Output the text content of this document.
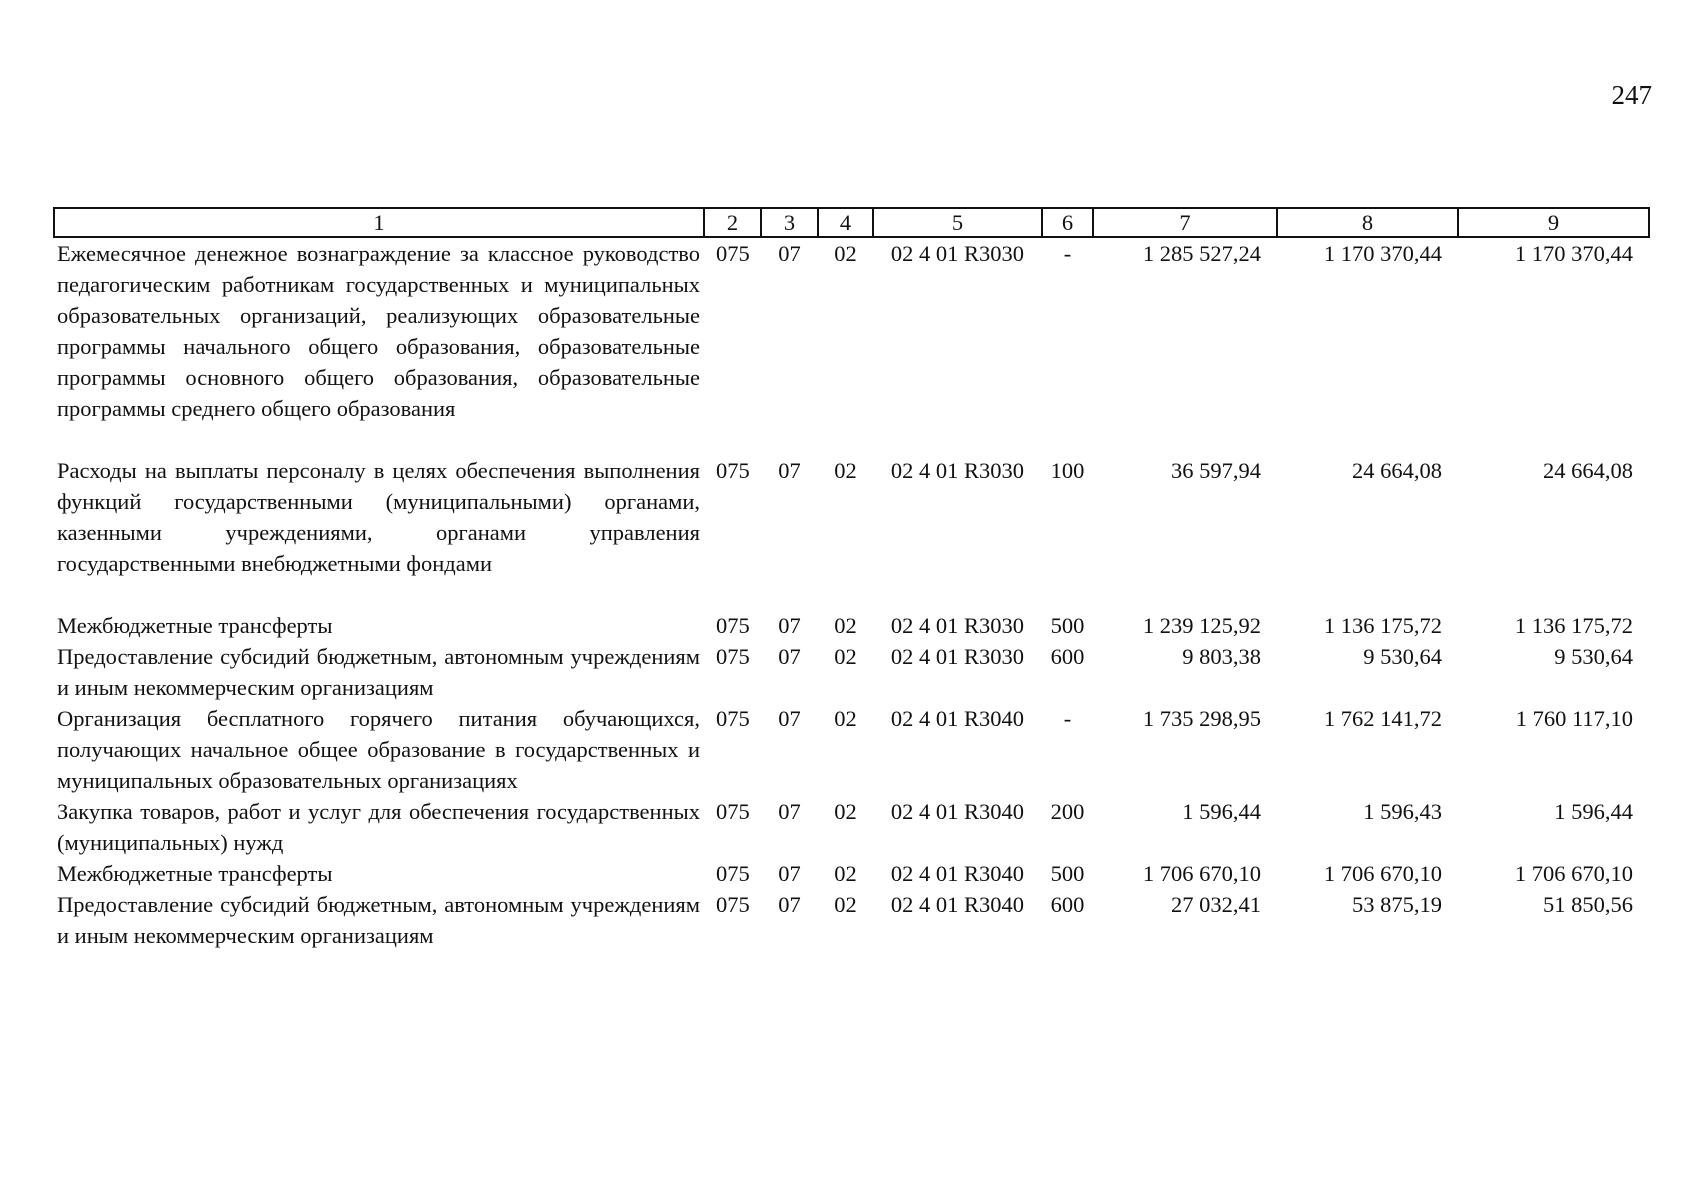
247
1	2	3	4	5	6	7	8	9
Ежемесячное денежное вознаграждение за классное руководство педагогическим работникам государственных и муниципальных образовательных организаций, реализующих образовательные программы начального общего образования, образовательные программы основного общего образования, образовательные программы среднего общего образования	075	07	02	02 4 01 R3030	-	1 285 527,24	1 170 370,44	1 170 370,44
Расходы на выплаты персоналу в целях обеспечения выполнения функций государственными (муниципальными) органами, казенными учреждениями, органами управления государственными внебюджетными фондами	075	07	02	02 4 01 R3030	100	36 597,94	24 664,08	24 664,08
Межбюджетные трансферты	075	07	02	02 4 01 R3030	500	1 239 125,92	1 136 175,72	1 136 175,72
Предоставление субсидий бюджетным, автономным учреждениям и иным некоммерческим организациям	075	07	02	02 4 01 R3030	600	9 803,38	9 530,64	9 530,64
Организация бесплатного горячего питания обучающихся, получающих начальное общее образование в государственных и муниципальных образовательных организациях	075	07	02	02 4 01 R3040	-	1 735 298,95	1 762 141,72	1 760 117,10
Закупка товаров, работ и услуг для обеспечения государственных (муниципальных) нужд	075	07	02	02 4 01 R3040	200	1 596,44	1 596,43	1 596,44
Межбюджетные трансферты	075	07	02	02 4 01 R3040	500	1 706 670,10	1 706 670,10	1 706 670,10
Предоставление субсидий бюджетным, автономным учреждениям и иным некоммерческим организациям	075	07	02	02 4 01 R3040	600	27 032,41	53 875,19	51 850,56
